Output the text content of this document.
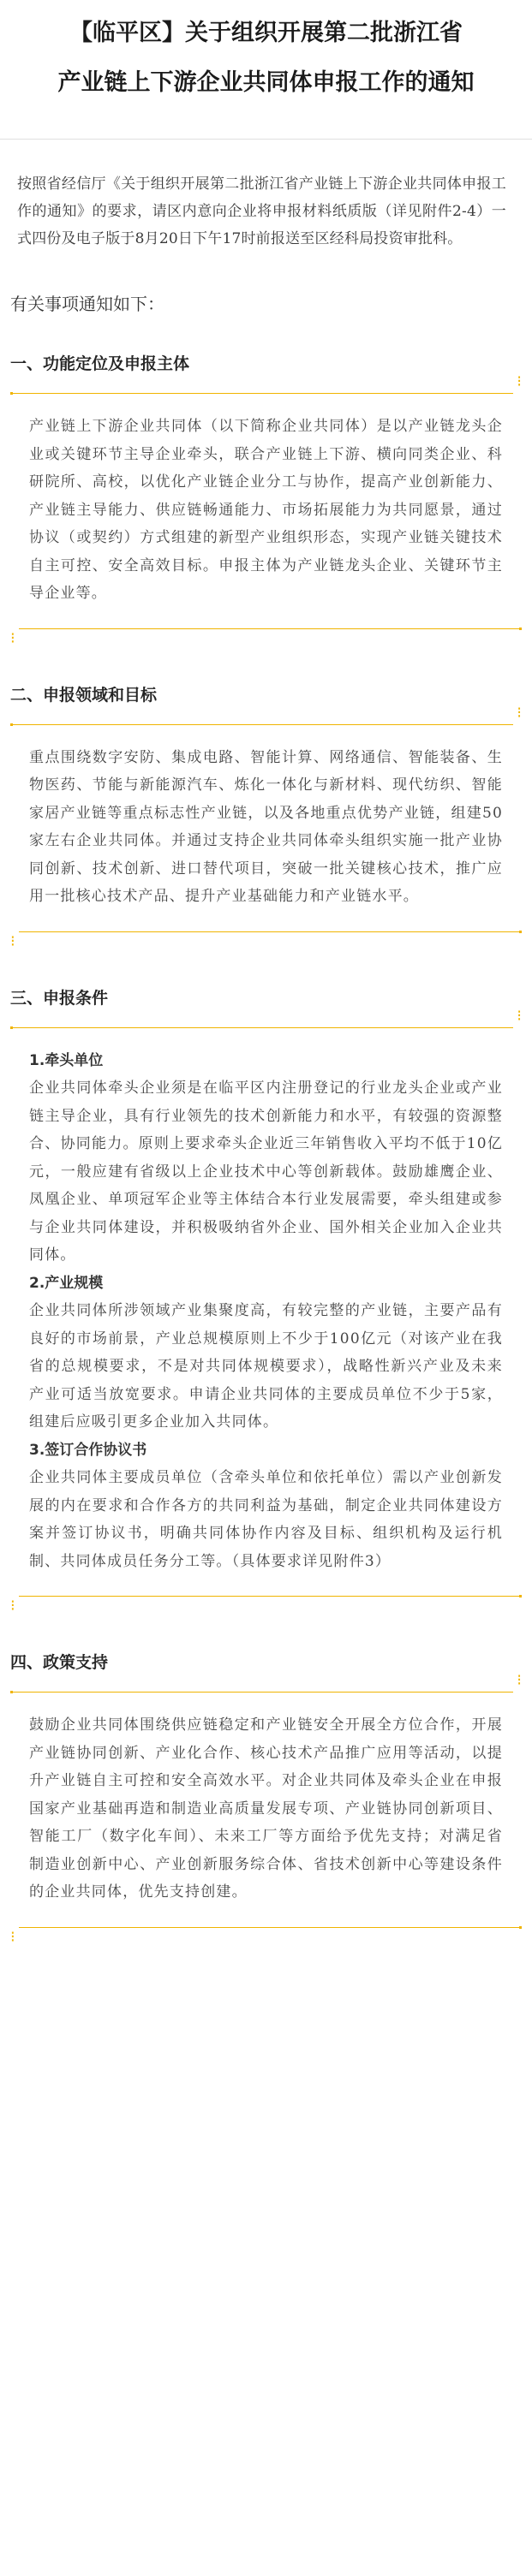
【临平区】关于组织开展第二批浙江省
产业链上下游企业共同体申报工作的通知
按照省经信厅《关于组织开展第二批浙江省产业链上下游企业共同体申报工作的通知》的要求，请区内意向企业将申报材料纸质版（详见附件2-4）一式四份及电子版于8月20日下午17时前报送至区经科局投资审批科。
有关事项通知如下：
一、功能定位及申报主体
⁝

产业链上下游企业共同体（以下简称企业共同体）是以产业链龙头企业或关键环节主导企业牵头，联合产业链上下游、横向同类企业、科研院所、高校，以优化产业链企业分工与协作，提高产业创新能力、产业链主导能力、供应链畅通能力、市场拓展能力为共同愿景，通过协议（或契约）方式组建的新型产业组织形态，实现产业链关键技术自主可控、安全高效目标。申报主体为产业链龙头企业、关键环节主导企业等。

⁝
二、申报领域和目标
⁝

重点围绕数字安防、集成电路、智能计算、网络通信、智能装备、生物医药、节能与新能源汽车、炼化一体化与新材料、现代纺织、智能家居产业链等重点标志性产业链，以及各地重点优势产业链，组建50家左右企业共同体。并通过支持企业共同体牵头组织实施一批产业协同创新、技术创新、进口替代项目，突破一批关键核心技术，推广应用一批核心技术产品、提升产业基础能力和产业链水平。

⁝
三、申报条件
⁝
1.牵头单位

企业共同体牵头企业须是在临平区内注册登记的行业龙头企业或产业链主导企业，具有行业领先的技术创新能力和水平，有较强的资源整合、协同能力。原则上要求牵头企业近三年销售收入平均不低于10亿元，一般应建有省级以上企业技术中心等创新载体。鼓励雄鹰企业、凤凰企业、单项冠军企业等主体结合本行业发展需要，牵头组建或参与企业共同体建设，并积极吸纳省外企业、国外相关企业加入企业共同体。

2.产业规模

企业共同体所涉领域产业集聚度高，有较完整的产业链，主要产品有良好的市场前景，产业总规模原则上不少于100亿元（对该产业在我省的总规模要求，不是对共同体规模要求），战略性新兴产业及未来产业可适当放宽要求。申请企业共同体的主要成员单位不少于5家，组建后应吸引更多企业加入共同体。

3.签订合作协议书

企业共同体主要成员单位（含牵头单位和依托单位）需以产业创新发展的内在要求和合作各方的共同利益为基础，制定企业共同体建设方案并签订协议书，明确共同体协作内容及目标、组织机构及运行机制、共同体成员任务分工等。（具体要求详见附件3）

⁝
四、政策支持
⁝

鼓励企业共同体围绕供应链稳定和产业链安全开展全方位合作，开展产业链协同创新、产业化合作、核心技术产品推广应用等活动，以提升产业链自主可控和安全高效水平。对企业共同体及牵头企业在申报国家产业基础再造和制造业高质量发展专项、产业链协同创新项目、智能工厂（数字化车间）、未来工厂等方面给予优先支持；对满足省制造业创新中心、产业创新服务综合体、省技术创新中心等建设条件的企业共同体，优先支持创建。

⁝
